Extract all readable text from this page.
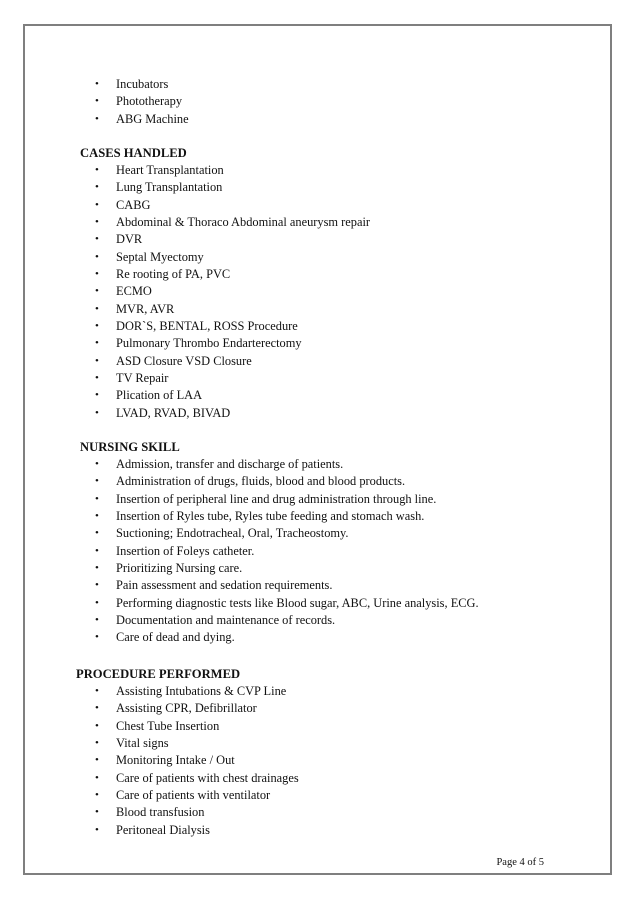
• Incubators
• Phototherapy
• ABG Machine
CASES HANDLED
• Heart Transplantation
• Lung Transplantation
• CABG
• Abdominal & Thoraco Abdominal aneurysm repair
• DVR
• Septal Myectomy
• Re rooting of PA, PVC
• ECMO
• MVR, AVR
• DOR`S, BENTAL, ROSS Procedure
• Pulmonary Thrombo Endarterectomy
• ASD Closure VSD Closure
• TV Repair
• Plication of LAA
• LVAD, RVAD, BIVAD
NURSING SKILL
• Admission, transfer and discharge of patients.
• Administration of drugs, fluids, blood and blood products.
• Insertion of peripheral line and drug administration through line.
• Insertion of Ryles tube, Ryles tube feeding and stomach wash.
• Suctioning; Endotracheal, Oral, Tracheostomy.
• Insertion of Foleys catheter.
• Prioritizing Nursing care.
• Pain assessment and sedation requirements.
• Performing diagnostic tests like Blood sugar, ABC, Urine analysis, ECG.
• Documentation and maintenance of records.
• Care of dead and dying.
PROCEDURE PERFORMED
• Assisting Intubations & CVP Line
• Assisting CPR, Defibrillator
• Chest Tube Insertion
• Vital signs
• Monitoring Intake / Out
• Care of patients with chest drainages
• Care of patients with ventilator
• Blood transfusion
• Peritoneal Dialysis
Page 4 of 5
